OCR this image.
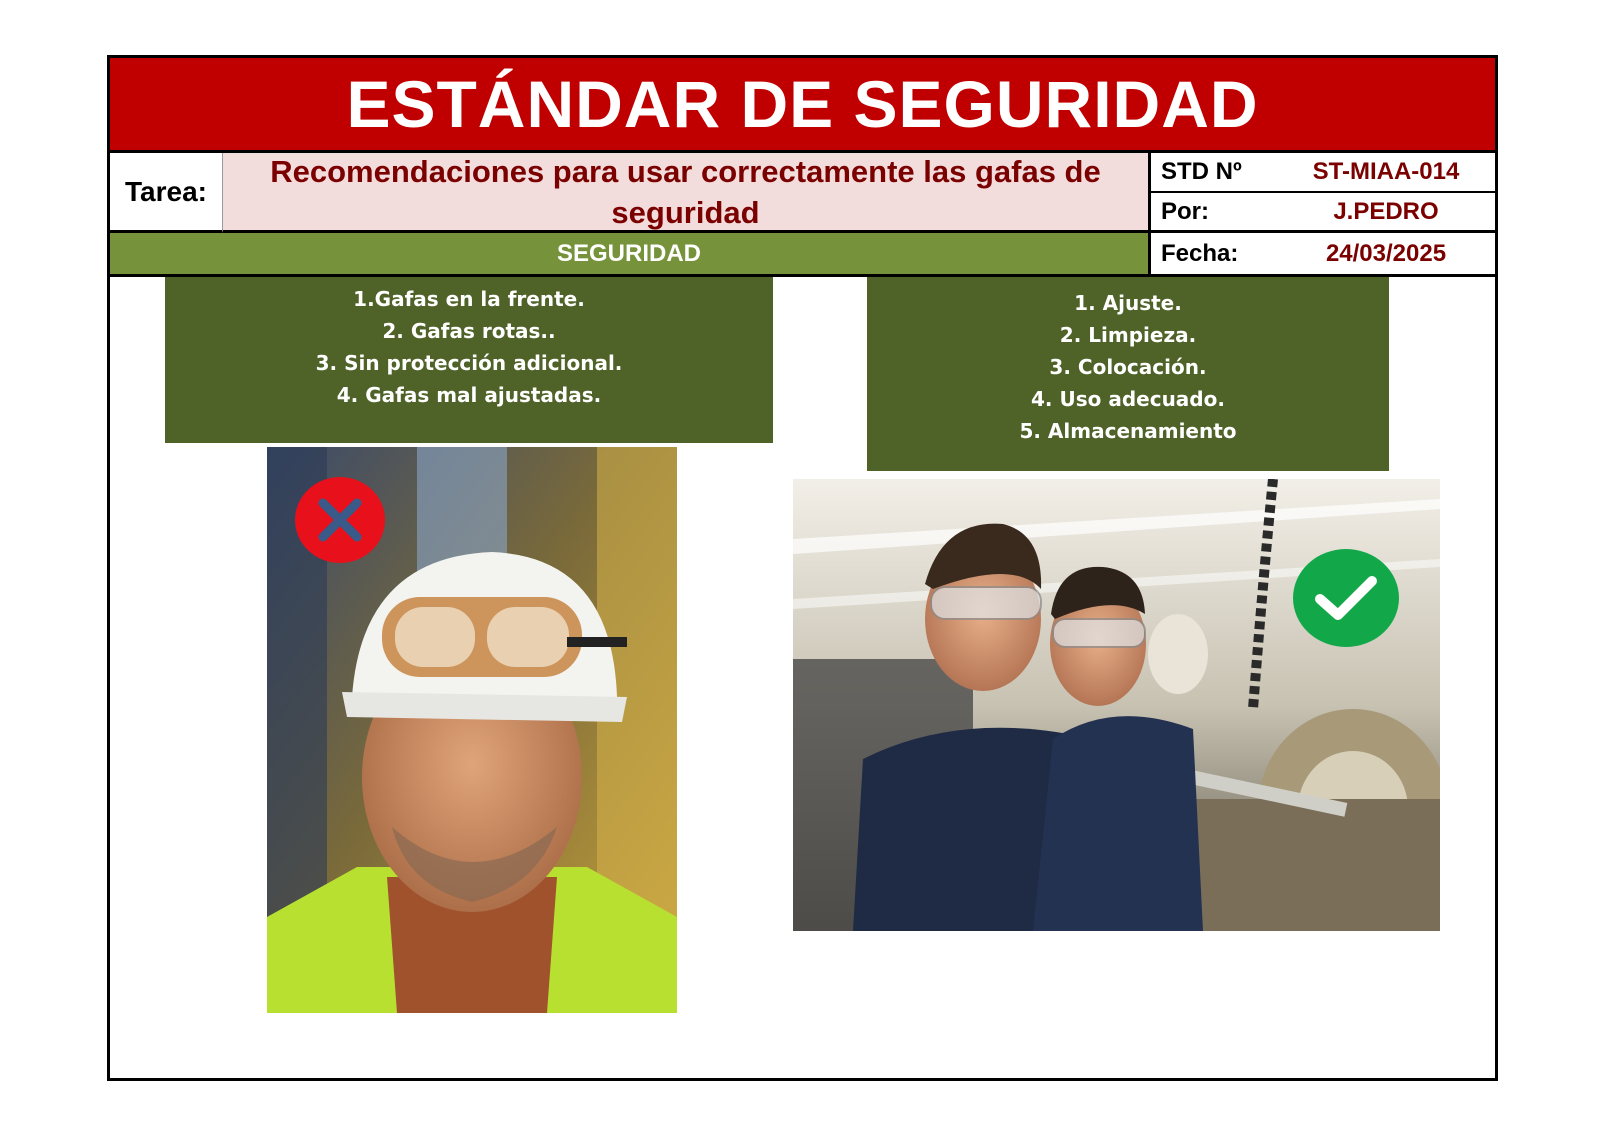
ESTÁNDAR DE SEGURIDAD
Tarea:
Recomendaciones para usar correctamente las gafas de seguridad
STD Nº	ST-MIAA-014
Por:	J.PEDRO
Fecha:	24/03/2025
SEGURIDAD
1.Gafas en la frente.
2. Gafas rotas..
3. Sin protección adicional.
4. Gafas mal ajustadas.
1. Ajuste.
2. Limpieza.
3. Colocación.
4. Uso adecuado.
5. Almacenamiento
